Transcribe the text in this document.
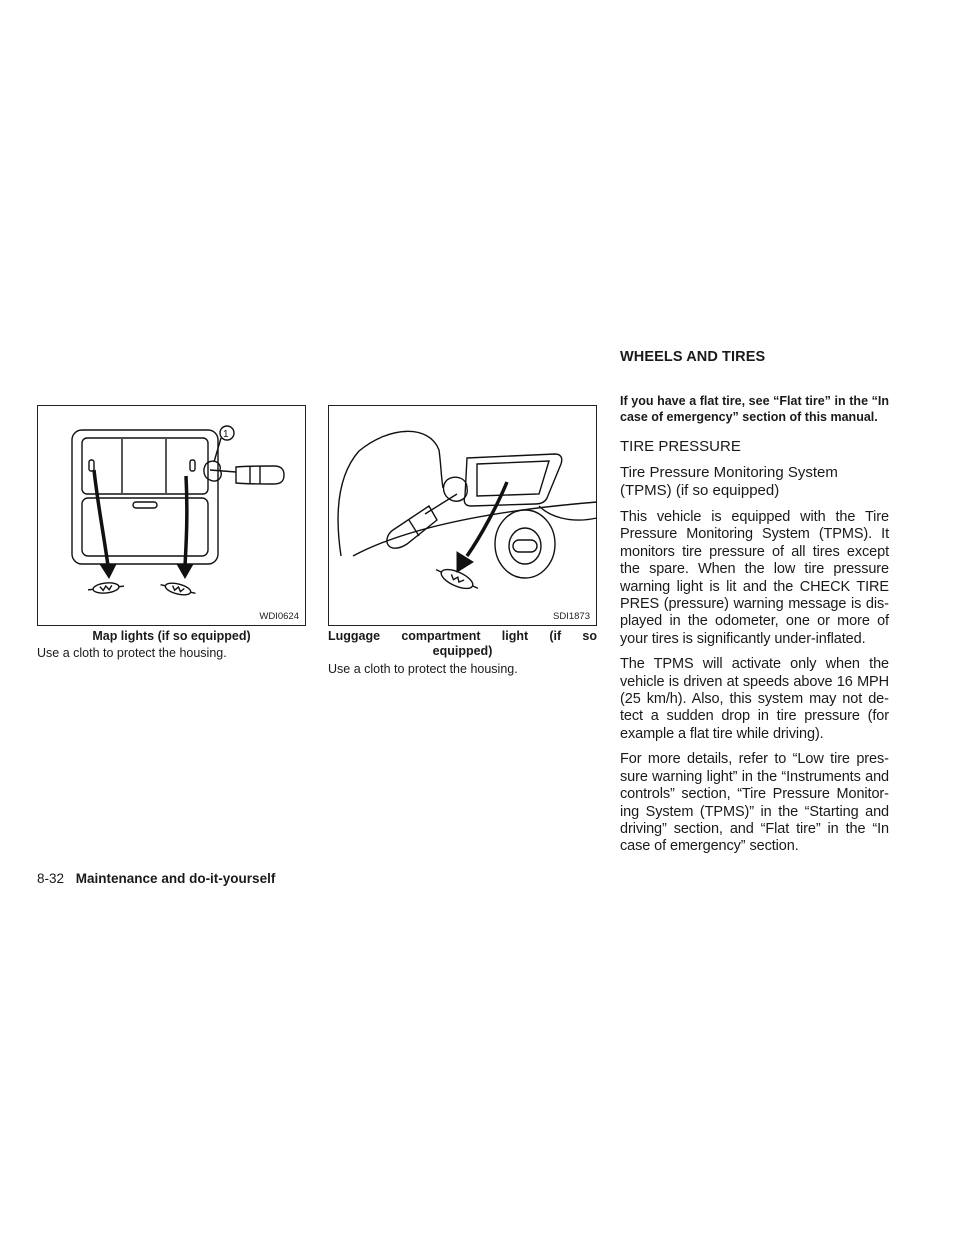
1
WDI0624
Map lights (if so equipped)
Use a cloth to protect the housing.
SDI1873
Luggage compartment light (if so
equipped)
Use a cloth to protect the housing.
WHEELS AND TIRES

If you have a flat tire, see “Flat tire” in the “In case of emergency” section of this manual.

TIRE PRESSURE
Tire Pressure Monitoring System
(TPMS) (if so equipped)

This vehicle is equipped with the Tire Pressure Monitoring System (TPMS). It monitors tire pressure of all tires except the spare. When the low tire pressure warning light is lit and the CHECK TIRE PRES (pressure) warning message is displayed in the odometer, one or more of your tires is significantly under-inflated.

The TPMS will activate only when the vehicle is driven at speeds above 16 MPH (25 km/h). Also, this system may not detect a sudden drop in tire pressure (for example a flat tire while driving).

For more details, refer to “Low tire pressure warning light” in the “Instruments and controls” section, “Tire Pressure Monitoring System (TPMS)” in the “Starting and driving” section, and “Flat tire” in the “In case of emergency” section.

8-32 Maintenance and do-it-yourself
